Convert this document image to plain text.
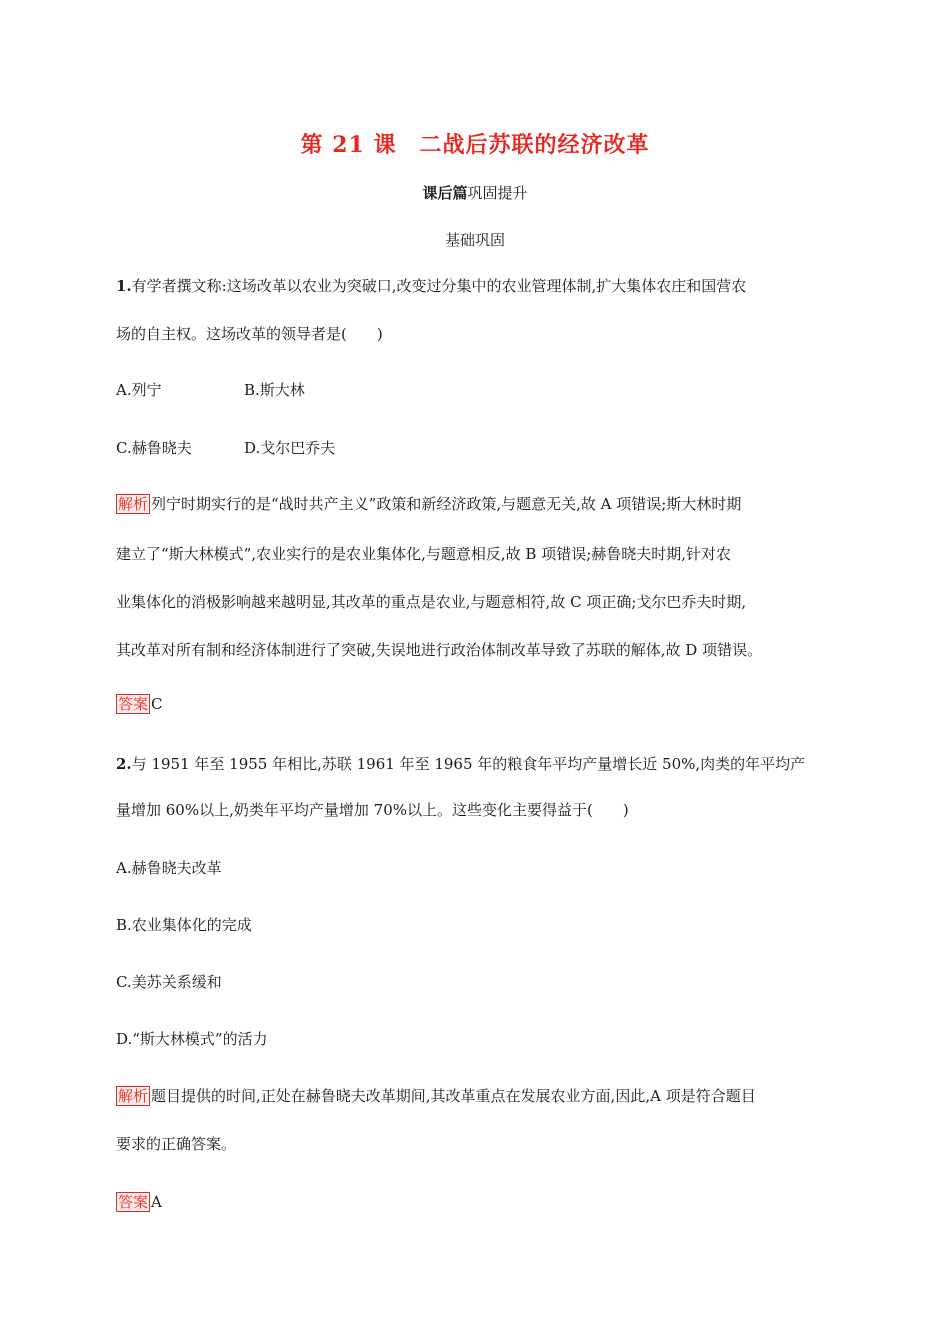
第 21 课　二战后苏联的经济改革
课后篇巩固提升
基础巩固
1.有学者撰文称:这场改革以农业为突破口,改变过分集中的农业管理体制,扩大集体农庄和国营农
场的自主权。这场改革的领导者是(　　)
A.列宁	B.斯大林
C.赫鲁晓夫	D.戈尔巴乔夫
解析 列宁时期实行的是“战时共产主义”政策和新经济政策,与题意无关,故 A 项错误;斯大林时期
建立了“斯大林模式”,农业实行的是农业集体化,与题意相反,故 B 项错误;赫鲁晓夫时期,针对农
业集体化的消极影响越来越明显,其改革的重点是农业,与题意相符,故 C 项正确;戈尔巴乔夫时期,
其改革对所有制和经济体制进行了突破,失误地进行政治体制改革导致了苏联的解体,故 D 项错误。
答案 C
2.与 1951 年至 1955 年相比,苏联 1961 年至 1965 年的粮食年平均产量增长近 50%,肉类的年平均产
量增加 60%以上,奶类年平均产量增加 70%以上。这些变化主要得益于(　　)
A.赫鲁晓夫改革
B.农业集体化的完成
C.美苏关系缓和
D.“斯大林模式”的活力
解析 题目提供的时间,正处在赫鲁晓夫改革期间,其改革重点在发展农业方面,因此,A 项是符合题目
要求的正确答案。
答案 A
